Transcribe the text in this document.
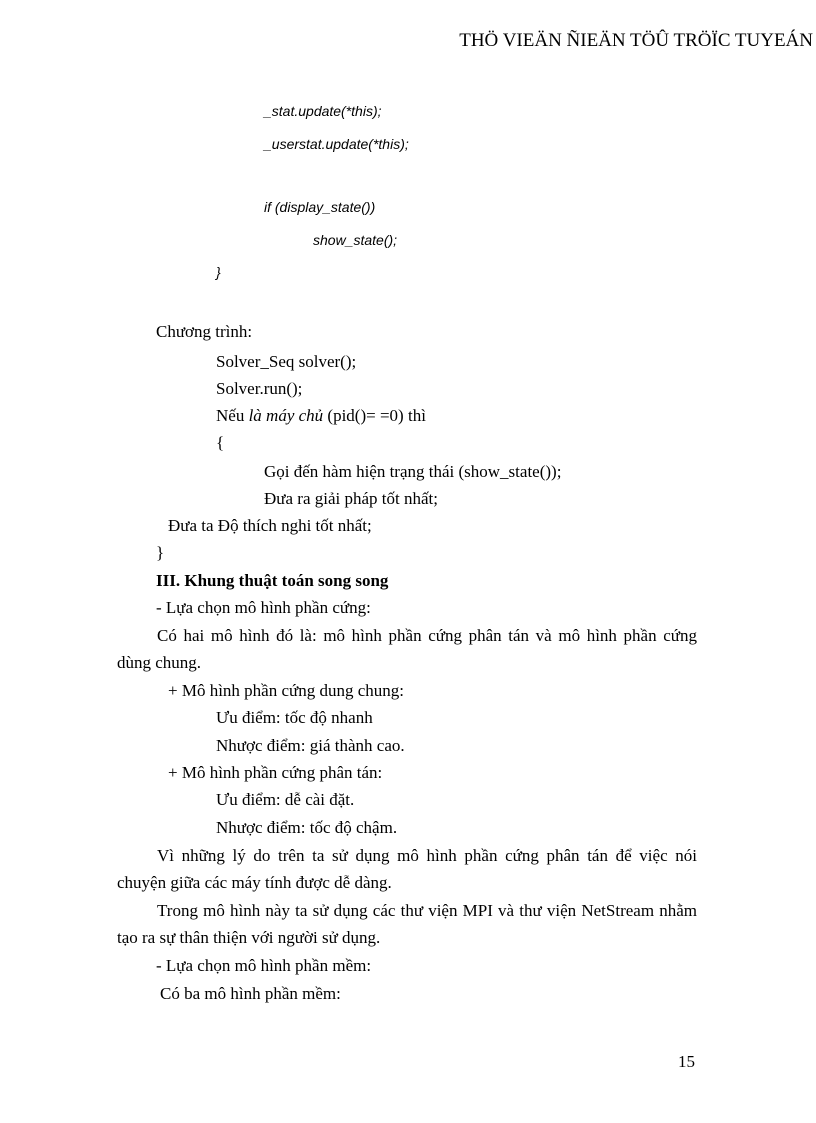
THÖ VIEÄN ÑIEÄN TÖÛ TRÖÏC TUYEÁN
_stat.update(*this);
_userstat.update(*this);
if (display_state())
show_state();
}
Chương trình:
Solver_Seq solver();
Solver.run();
Nếu là máy chủ (pid()= =0) thì
{
Gọi đến hàm hiện trạng thái (show_state());
Đưa ra giải pháp tốt nhất;
Đưa ta Độ thích nghi tốt nhất;
}
III. Khung thuật toán song song
- Lựa chọn mô hình phần cứng:
Có hai mô hình đó là: mô hình phần cứng phân tán và mô hình phần cứng
dùng chung.
+ Mô hình phần cứng dung chung:
Ưu điểm: tốc độ nhanh
Nhược điểm: giá thành cao.
+ Mô hình phần cứng phân tán:
Ưu điểm: dễ cài đặt.
Nhược điểm: tốc độ chậm.
Vì những lý do trên ta sử dụng mô hình phần cứng phân tán để việc nói
chuyện giữa các máy tính được dễ dàng.
Trong mô hình này ta sử dụng các thư viện MPI và thư viện NetStream nhằm
tạo ra sự thân thiện với người sử dụng.
- Lựa chọn mô hình phần mềm:
Có ba mô hình phần mềm:
15
